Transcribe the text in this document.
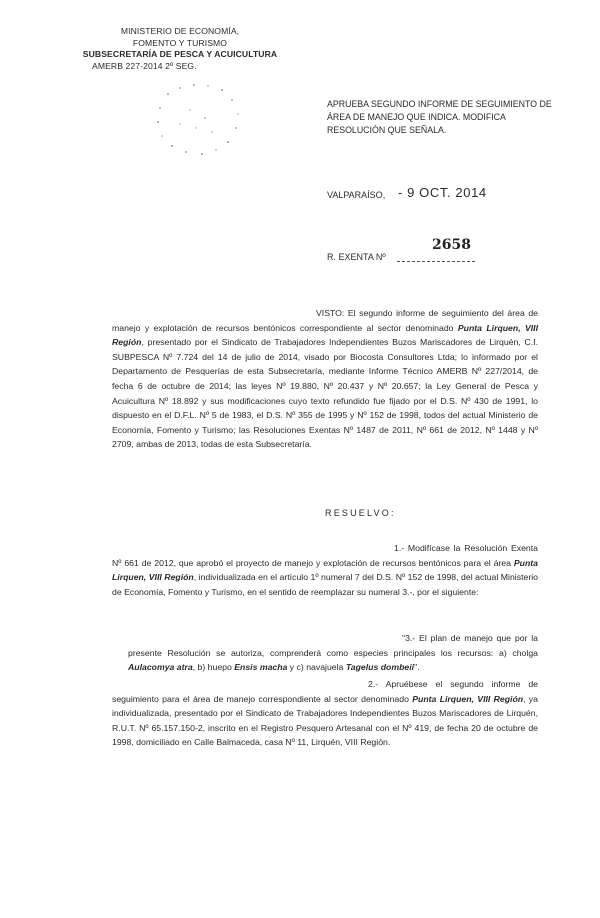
MINISTERIO DE ECONOMÍA,
FOMENTO Y TURISMO
SUBSECRETARÍA DE PESCA Y ACUICULTURA
AMERB 227-2014 2º SEG.
APRUEBA SEGUNDO INFORME DE SEGUIMIENTO DE ÁREA DE MANEJO QUE INDICA. MODIFICA RESOLUCIÓN QUE SEÑALA.
VALPARAÍSO, - 9 OCT. 2014
R. EXENTA Nº
2658

VISTO: El segundo informe de seguimiento del área de manejo y explotación de recursos bentónicos correspondiente al sector denominado Punta Lirquen, VIII Región, presentado por el Sindicato de Trabajadores Independientes Buzos Mariscadores de Lirquén, C.I. SUBPESCA Nº 7.724 del 14 de julio de 2014, visado por Biocosta Consultores Ltda; lo informado por el Departamento de Pesquerías de esta Subsecretaría, mediante Informe Técnico AMERB Nº 227/2014, de fecha 6 de octubre de 2014; las leyes Nº 19.880, Nº 20.437 y Nº 20.657; la Ley General de Pesca y Acuicultura Nº 18.892 y sus modificaciones cuyo texto refundido fue fijado por el D.S. Nº 430 de 1991, lo dispuesto en el D.F.L. Nº 5 de 1983, el D.S. Nº 355 de 1995 y Nº 152 de 1998, todos del actual Ministerio de Economía, Fomento y Turismo; las Resoluciones Exentas Nº 1487 de 2011, Nº 661 de 2012, Nº 1448 y Nº 2709, ambas de 2013, todas de esta Subsecretaría.

RESUELVO:

1.- Modifícase la Resolución Exenta Nº 661 de 2012, que aprobó el proyecto de manejo y explotación de recursos bentónicos para el área Punta Lirquen, VIII Región, individualizada en el artículo 1º numeral 7 del D.S. Nº 152 de 1998, del actual Ministerio de Economía, Fomento y Turismo, en el sentido de reemplazar su numeral 3.-, por el siguiente:

"3.- El plan de manejo que por la presente Resolución se autoriza, comprenderá como especies principales los recursos: a) cholga Aulacomya atra, b) huepo Ensis macha y c) navajuela Tagelus dombeii".

2.- Apruébese el segundo informe de seguimiento para el área de manejo correspondiente al sector denominado Punta Lirquen, VIII Región, ya individualizada, presentado por el Sindicato de Trabajadores Independientes Buzos Mariscadores de Lirquén, R.U.T. Nº 65.157.150-2, inscrito en el Registro Pesquero Artesanal con el Nº 419, de fecha 20 de octubre de 1998, domiciliado en Calle Balmaceda, casa Nº 11, Lirquén, VIII Región.
